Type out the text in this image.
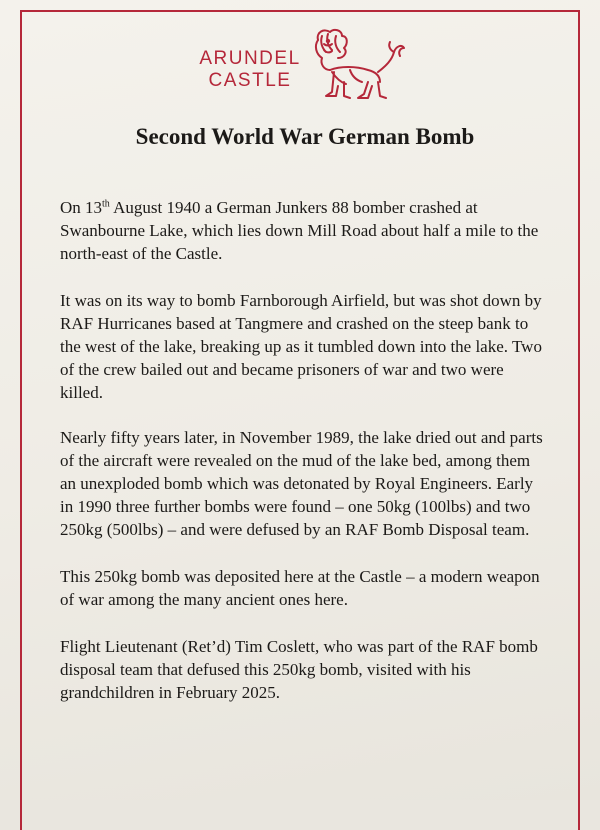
ARUNDEL
CASTLE
Second World War German Bomb

On 13th August 1940 a German Junkers 88 bomber crashed at Swanbourne Lake, which lies down Mill Road about half a mile to the north-east of the Castle.

It was on its way to bomb Farnborough Airfield, but was shot down by RAF Hurricanes based at Tangmere and crashed on the steep bank to the west of the lake, breaking up as it tumbled down into the lake. Two of the crew bailed out and became prisoners of war and two were killed.

Nearly fifty years later, in November 1989, the lake dried out and parts of the aircraft were revealed on the mud of the lake bed, among them an unexploded bomb which was detonated by Royal Engineers. Early in 1990 three further bombs were found – one 50kg (100lbs) and two 250kg (500lbs) – and were defused by an RAF Bomb Disposal team.

This 250kg bomb was deposited here at the Castle – a modern weapon of war among the many ancient ones here.

Flight Lieutenant (Ret’d) Tim Coslett, who was part of the RAF bomb disposal team that defused this 250kg bomb, visited with his grandchildren in February 2025.
